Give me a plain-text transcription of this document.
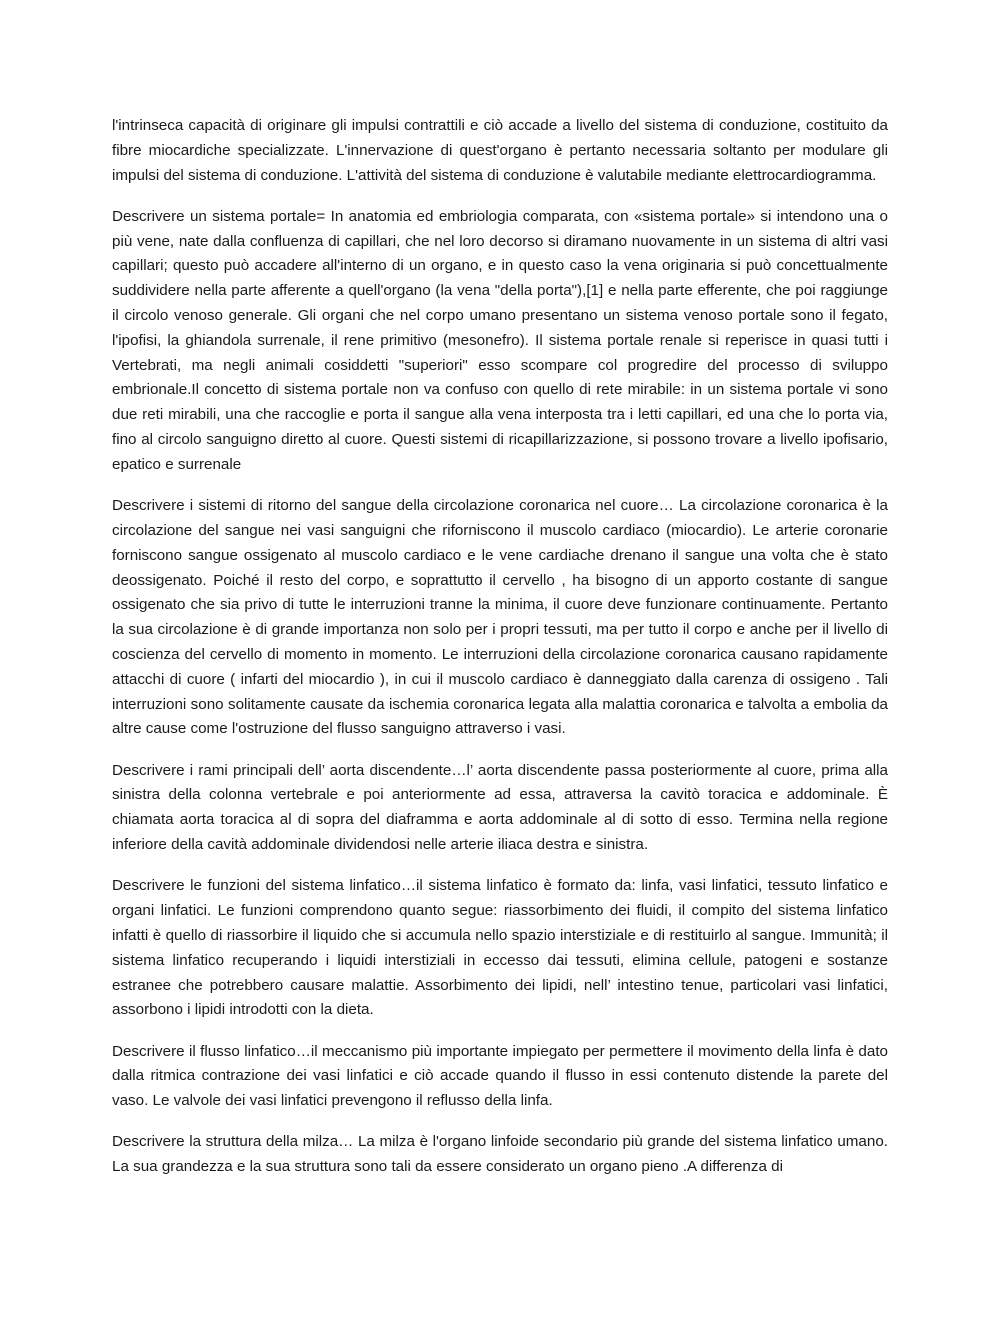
l'intrinseca capacità di originare gli impulsi contrattili e ciò accade a livello del sistema di conduzione, costituito da fibre miocardiche specializzate. L'innervazione di quest'organo è pertanto necessaria soltanto per modulare gli impulsi del sistema di conduzione. L'attività del sistema di conduzione è valutabile mediante elettrocardiogramma.

Descrivere un sistema portale= In anatomia ed embriologia comparata, con «sistema portale» si intendono una o più vene, nate dalla confluenza di capillari, che nel loro decorso si diramano nuovamente in un sistema di altri vasi capillari; questo può accadere all'interno di un organo, e in questo caso la vena originaria si può concettualmente suddividere nella parte afferente a quell'organo (la vena "della porta"),[1] e nella parte efferente, che poi raggiunge il circolo venoso generale. Gli organi che nel corpo umano presentano un sistema venoso portale sono il fegato, l'ipofisi, la ghiandola surrenale, il rene primitivo (mesonefro). Il sistema portale renale si reperisce in quasi tutti i Vertebrati, ma negli animali cosiddetti "superiori" esso scompare col progredire del processo di sviluppo embrionale.Il concetto di sistema portale non va confuso con quello di rete mirabile: in un sistema portale vi sono due reti mirabili, una che raccoglie e porta il sangue alla vena interposta tra i letti capillari, ed una che lo porta via, fino al circolo sanguigno diretto al cuore. Questi sistemi di ricapillarizzazione, si possono trovare a livello ipofisario, epatico e surrenale

Descrivere i sistemi di ritorno del sangue della circolazione coronarica nel cuore… La circolazione coronarica è la circolazione del sangue nei vasi sanguigni che riforniscono il muscolo cardiaco (miocardio). Le arterie coronarie forniscono sangue ossigenato al muscolo cardiaco e le vene cardiache drenano il sangue una volta che è stato deossigenato. Poiché il resto del corpo, e soprattutto il cervello , ha bisogno di un apporto costante di sangue ossigenato che sia privo di tutte le interruzioni tranne la minima, il cuore deve funzionare continuamente. Pertanto la sua circolazione è di grande importanza non solo per i propri tessuti, ma per tutto il corpo e anche per il livello di coscienza del cervello di momento in momento. Le interruzioni della circolazione coronarica causano rapidamente attacchi di cuore ( infarti del miocardio ), in cui il muscolo cardiaco è danneggiato dalla carenza di ossigeno . Tali interruzioni sono solitamente causate da ischemia coronarica legata alla malattia coronarica e talvolta a embolia da altre cause come l'ostruzione del flusso sanguigno attraverso i vasi.

Descrivere i rami principali dell’ aorta discendente…l’ aorta discendente passa posteriormente al cuore, prima alla sinistra della colonna vertebrale e poi anteriormente ad essa, attraversa la cavitò toracica e addominale. È chiamata aorta toracica al di sopra del diaframma e aorta addominale al di sotto di esso. Termina nella regione inferiore della cavità addominale dividendosi nelle arterie iliaca destra e sinistra.

Descrivere le funzioni del sistema linfatico…il sistema linfatico è formato da: linfa, vasi linfatici, tessuto linfatico e organi linfatici. Le funzioni comprendono quanto segue: riassorbimento dei fluidi, il compito del sistema linfatico infatti è quello di riassorbire il liquido che si accumula nello spazio interstiziale e di restituirlo al sangue. Immunità; il sistema linfatico recuperando i liquidi interstiziali in eccesso dai tessuti, elimina cellule, patogeni e sostanze estranee che potrebbero causare malattie. Assorbimento dei lipidi, nell’ intestino tenue, particolari vasi linfatici, assorbono i lipidi introdotti con la dieta.

Descrivere il flusso linfatico…il meccanismo più importante impiegato per permettere il movimento della linfa è dato dalla ritmica contrazione dei vasi linfatici e ciò accade quando il flusso in essi contenuto distende la parete del vaso. Le valvole dei vasi linfatici prevengono il reflusso della linfa.

Descrivere la struttura della milza… La milza è l'organo linfoide secondario più grande del sistema linfatico umano. La sua grandezza e la sua struttura sono tali da essere considerato un organo pieno .A differenza di
